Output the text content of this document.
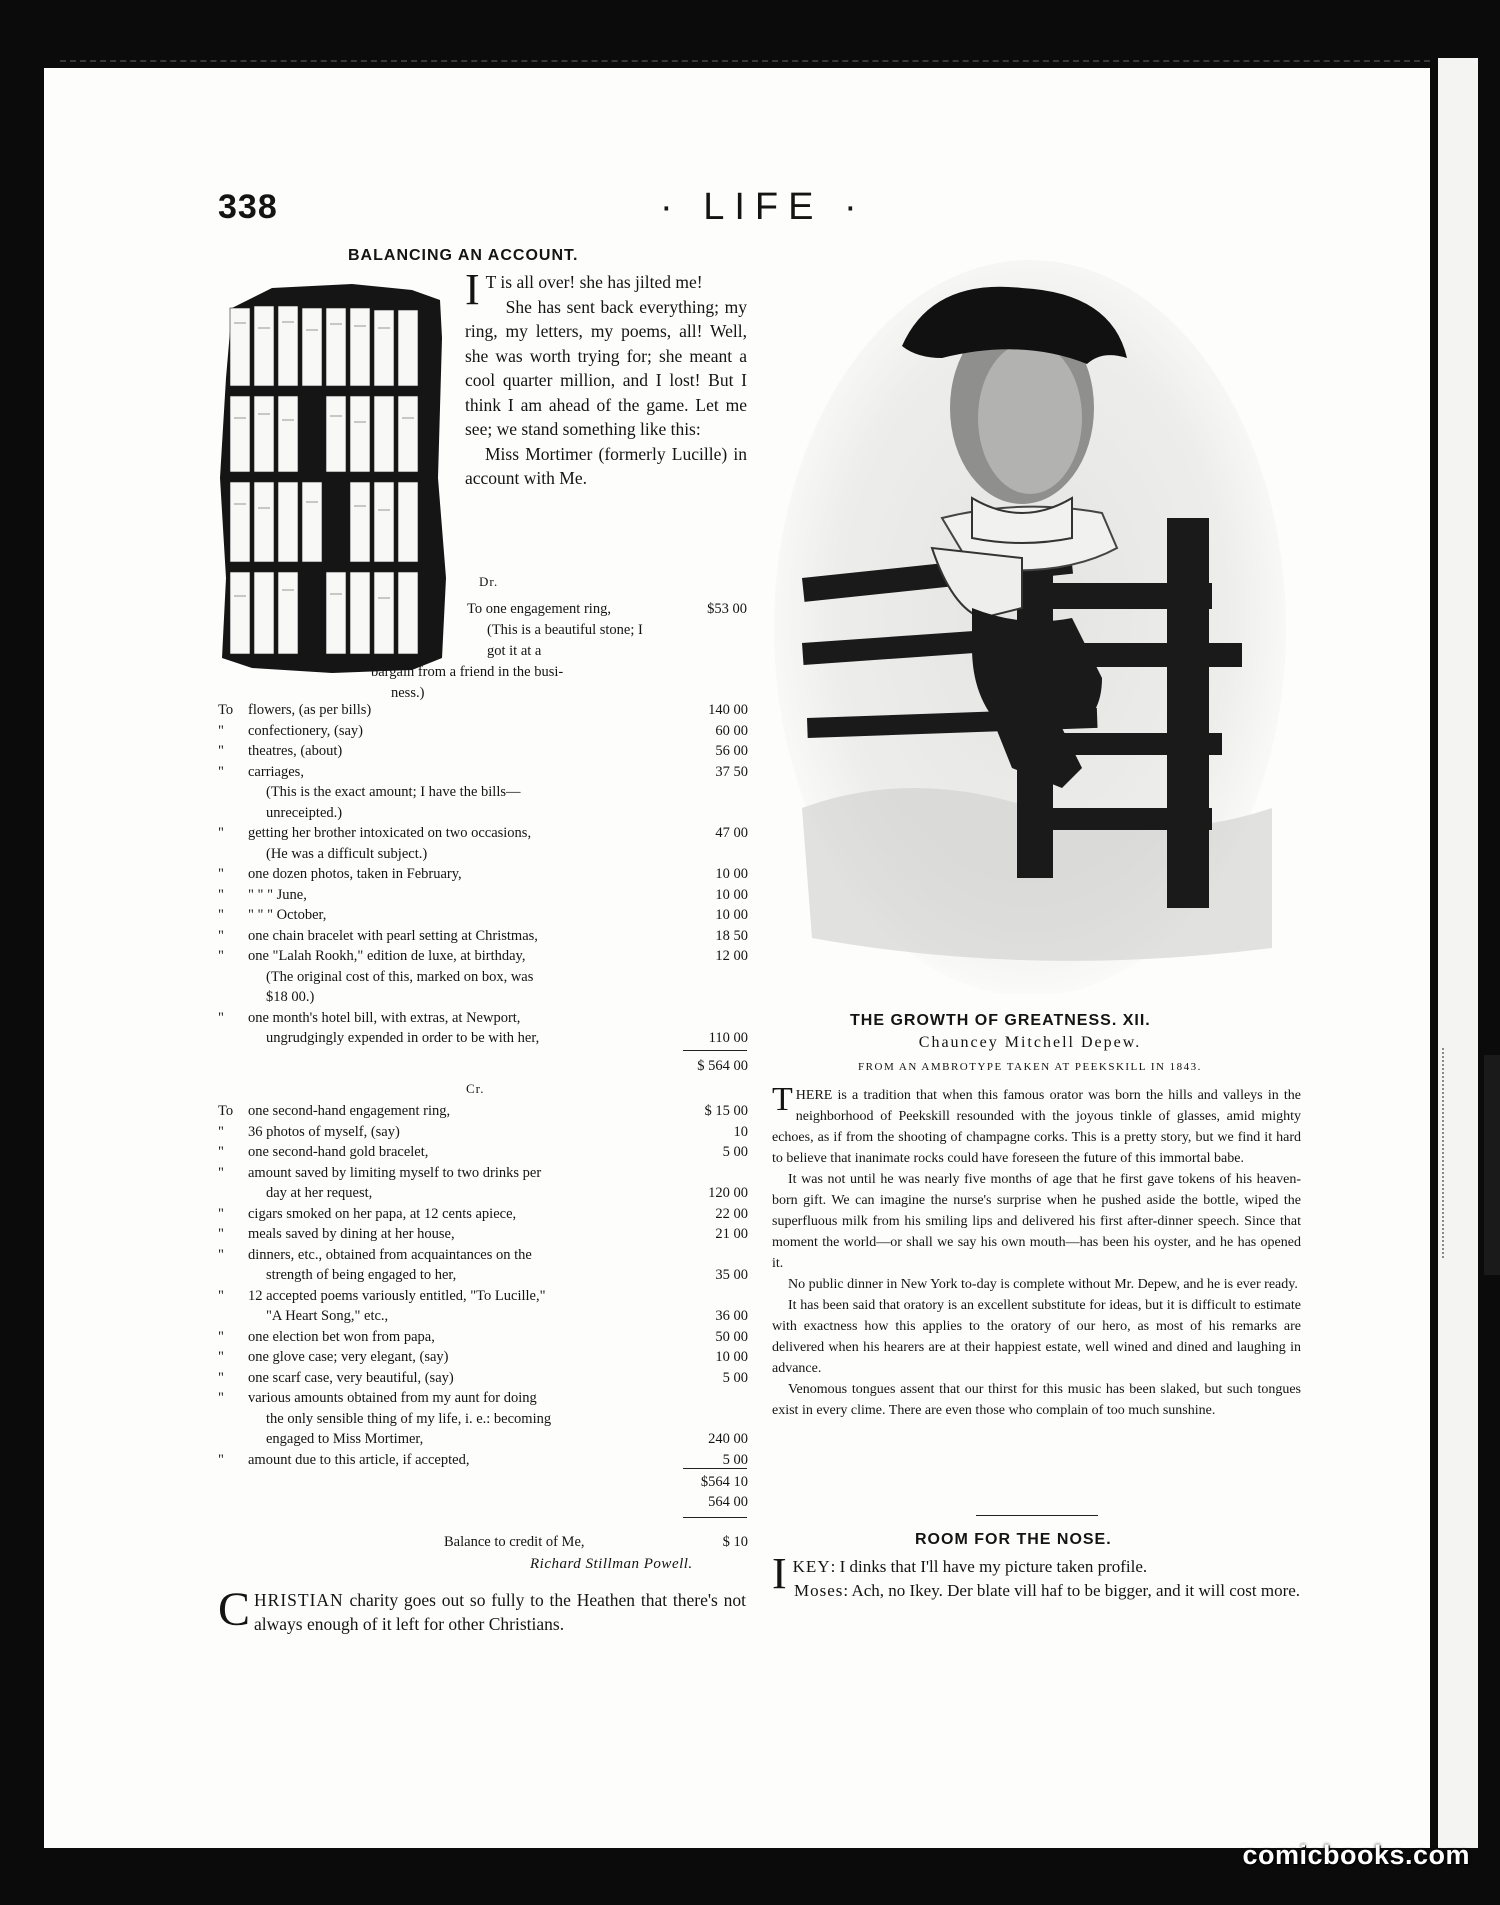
338	· LIFE ·
BALANCING AN ACCOUNT.

I T is all over! she has jilted me!

She has sent back everything; my ring, my letters, my poems, all! Well, she was worth trying for; she meant a cool quarter million, and I lost! But I think I am ahead of the game. Let me see; we stand something like this:

Miss Mortimer (formerly Lucille) in account with Me.

Dr.
To one engagement ring,	$53 00
(This is a beautiful stone; I got it at a
bargain from a friend in the busi-
ness.)
To	flowers, (as per bills)	140 00
"	confectionery, (say)	60 00
"	theatres, (about)	56 00
"	carriages,	37 50
(This is the exact amount; I have the bills—
unreceipted.)
"	getting her brother intoxicated on two occasions,	47 00
(He was a difficult subject.)
"	one dozen photos, taken in February,	10 00
"	" " " June,	10 00
"	" " " October,	10 00
"	one chain bracelet with pearl setting at Christmas,	18 50
"	one "Lalah Rookh," edition de luxe, at birthday,	12 00
(The original cost of this, marked on box, was
$18 00.)
"	one month's hotel bill, with extras, at Newport,
ungrudgingly expended in order to be with her,	110 00
$ 564 00
Cr.
To	one second-hand engagement ring,	$ 15 00
"	36 photos of myself, (say)	10
"	one second-hand gold bracelet,	5 00
"	amount saved by limiting myself to two drinks per
day at her request,	120 00
"	cigars smoked on her papa, at 12 cents apiece,	22 00
"	meals saved by dining at her house,	21 00
"	dinners, etc., obtained from acquaintances on the
strength of being engaged to her,	35 00
"	12 accepted poems variously entitled, "To Lucille,"
"A Heart Song," etc.,	36 00
"	one election bet won from papa,	50 00
"	one glove case; very elegant, (say)	10 00
"	one scarf case, very beautiful, (say)	5 00
"	various amounts obtained from my aunt for doing
the only sensible thing of my life, i. e.: becoming
engaged to Miss Mortimer,	240 00
"	amount due to this article, if accepted,	5 00
$564 10
564 00
Balance to credit of Me,	$ 10
Richard Stillman Powell.
CHRISTIAN charity goes out so fully to the Heathen that there's not always enough of it left for other Christians.
THE GROWTH OF GREATNESS. XII.
Chauncey Mitchell Depew.
FROM AN AMBROTYPE TAKEN AT PEEKSKILL IN 1843.

THERE is a tradition that when this famous orator was born the hills and valleys in the neighborhood of Peekskill resounded with the joyous tinkle of glasses, amid mighty echoes, as if from the shooting of champagne corks. This is a pretty story, but we find it hard to believe that inanimate rocks could have foreseen the future of this immortal babe.

It was not until he was nearly five months of age that he first gave tokens of his heaven-born gift. We can imagine the nurse's surprise when he pushed aside the bottle, wiped the superfluous milk from his smiling lips and delivered his first after-dinner speech. Since that moment the world—or shall we say his own mouth—has been his oyster, and he has opened it.

No public dinner in New York to-day is complete without Mr. Depew, and he is ever ready.

It has been said that oratory is an excellent substitute for ideas, but it is difficult to estimate with exactness how this applies to the oratory of our hero, as most of his remarks are delivered when his hearers are at their happiest estate, well wined and dined and laughing in advance.

Venomous tongues assent that our thirst for this music has been slaked, but such tongues exist in every clime. There are even those who complain of too much sunshine.

ROOM FOR THE NOSE.

IKEY: I dinks that I'll have my picture taken profile.

Moses: Ach, no Ikey. Der blate vill haf to be bigger, and it will cost more.

comicbooks.com
